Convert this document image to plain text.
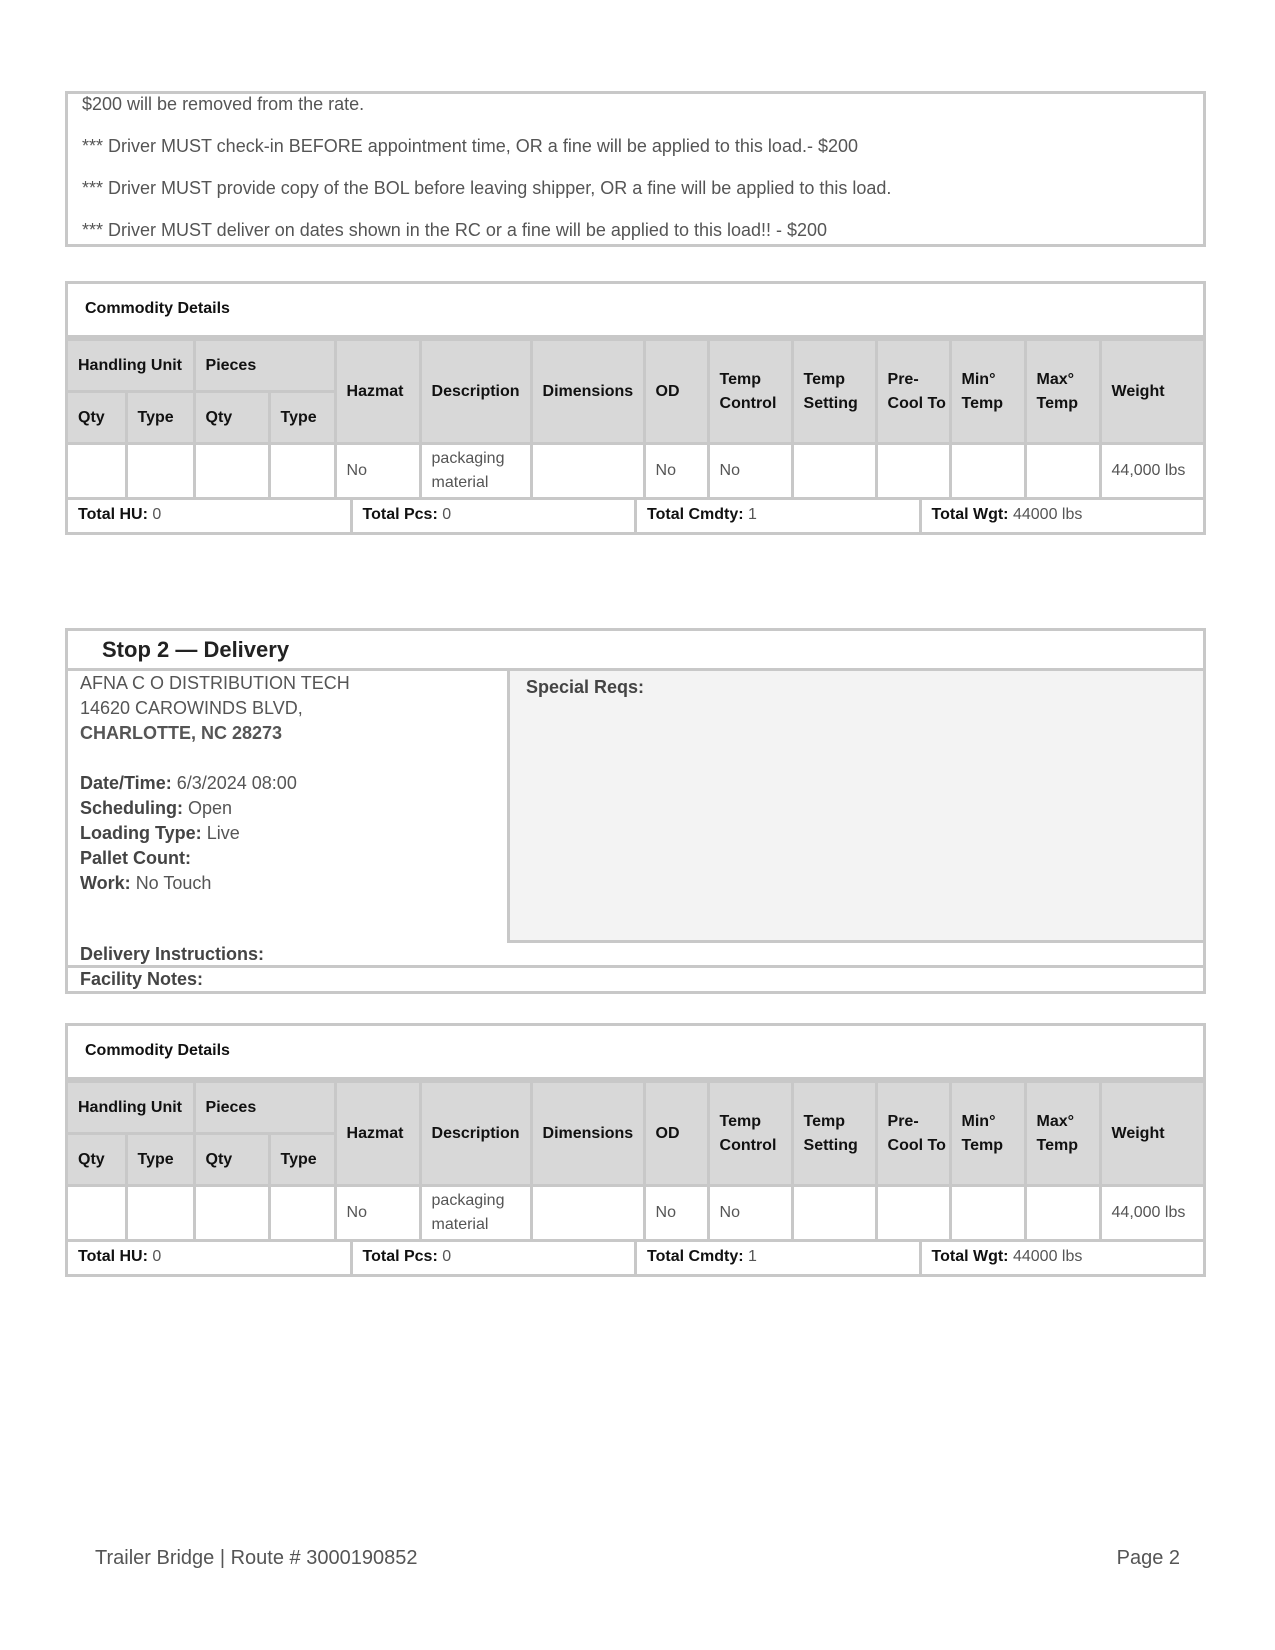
$200 will be removed from the rate.
*** Driver MUST check-in BEFORE appointment time, OR a fine will be applied to this load.- $200
*** Driver MUST provide copy of the BOL before leaving shipper, OR a fine will be applied to this load.
*** Driver MUST deliver on dates shown in the RC or a fine will be applied to this load!! - $200
Commodity Details
Handling Unit		Pieces		Hazmat	Description	Dimensions	OD	Temp Control	Temp Setting	Pre-Cool To	Min° Temp	Max° Temp	Weight
Qty	Type	Qty	Type										
				No	packaging material		No	No					44,000 lbs
Total HU: 0	Total Pcs: 0	Total Cmdty: 1	Total Wgt: 44000 lbs
Stop 2 — Delivery
AFNA C O DISTRIBUTION TECH
14620 CAROWINDS BLVD,
CHARLOTTE, NC 28273
Date/Time: 6/3/2024 08:00
Scheduling: Open
Loading Type: Live
Pallet Count:
Work: No Touch
Special Reqs:
Delivery Instructions:
Facility Notes:
Commodity Details
Handling Unit		Pieces		Hazmat	Description	Dimensions	OD	Temp Control	Temp Setting	Pre-Cool To	Min° Temp	Max° Temp	Weight
Qty	Type	Qty	Type										
				No	packaging material		No	No					44,000 lbs
Total HU: 0	Total Pcs: 0	Total Cmdty: 1	Total Wgt: 44000 lbs
Trailer Bridge | Route # 3000190852	Page 2
